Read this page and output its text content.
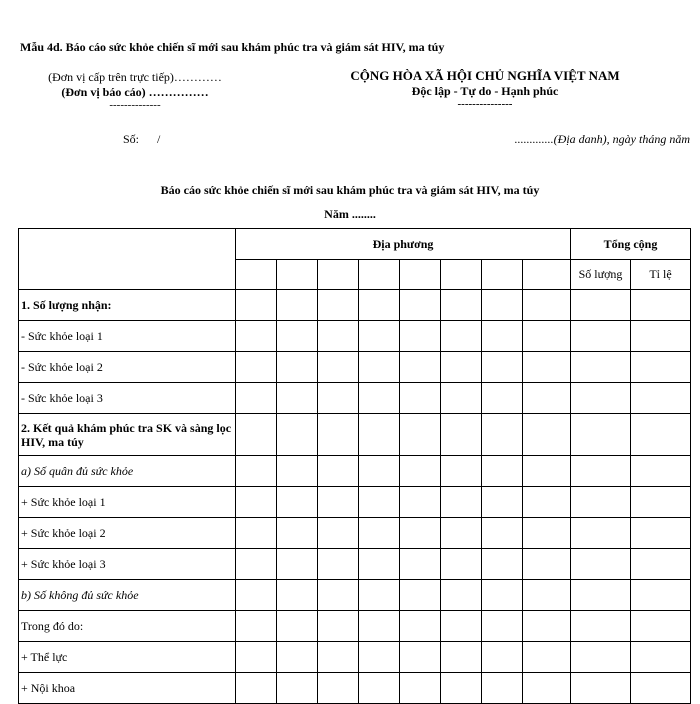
Mẫu 4d. Báo cáo sức khỏe chiến sĩ mới sau khám phúc tra và giám sát HIV, ma túy
(Đơn vị cấp trên trực tiếp)…………
(Đơn vị báo cáo) ……………
--------------
CỘNG HÒA XÃ HỘI CHỦ NGHĨA VIỆT NAM
Độc lập - Tự do - Hạnh phúc
---------------
Số:      /	.............(Địa danh), ngày tháng năm
Báo cáo sức khỏe chiến sĩ mới sau khám phúc tra và giám sát HIV, ma túy
Năm ........
	Địa phương								Tổng cộng	
									Số lượng	Tỉ lệ
1. Số lượng nhận:										
- Sức khỏe loại 1										
- Sức khỏe loại 2										
- Sức khỏe loại 3										
2. Kết quả khám phúc tra SK và sàng lọc HIV, ma túy										
a) Số quân đủ sức khỏe										
+ Sức khỏe loại 1										
+ Sức khỏe loại 2										
+ Sức khỏe loại 3										
b) Số không đủ sức khỏe										
Trong đó do:										
+ Thể lực										
+ Nội khoa										
